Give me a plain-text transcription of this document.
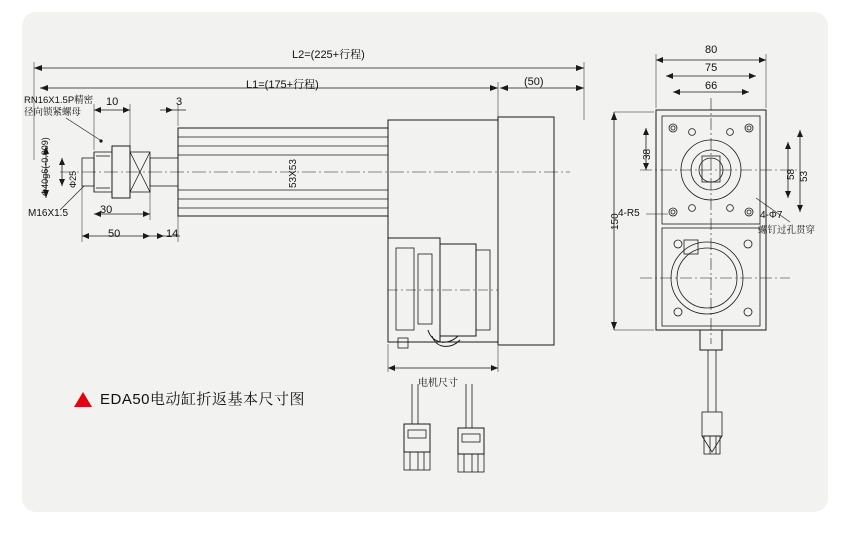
L2=(225+行程)
L1=(175+行程)	(50)
10	3
30
50	14
M16X1.5
RN16X1.5P精密
径向锁紧螺母
Φ40g6(-0.009) Φ25	53X53
电机尺寸
80
75
66
150
38
58 53
4-R5	4-Φ7
螺钉过孔贯穿
EDA50电动缸折返基本尺寸图
